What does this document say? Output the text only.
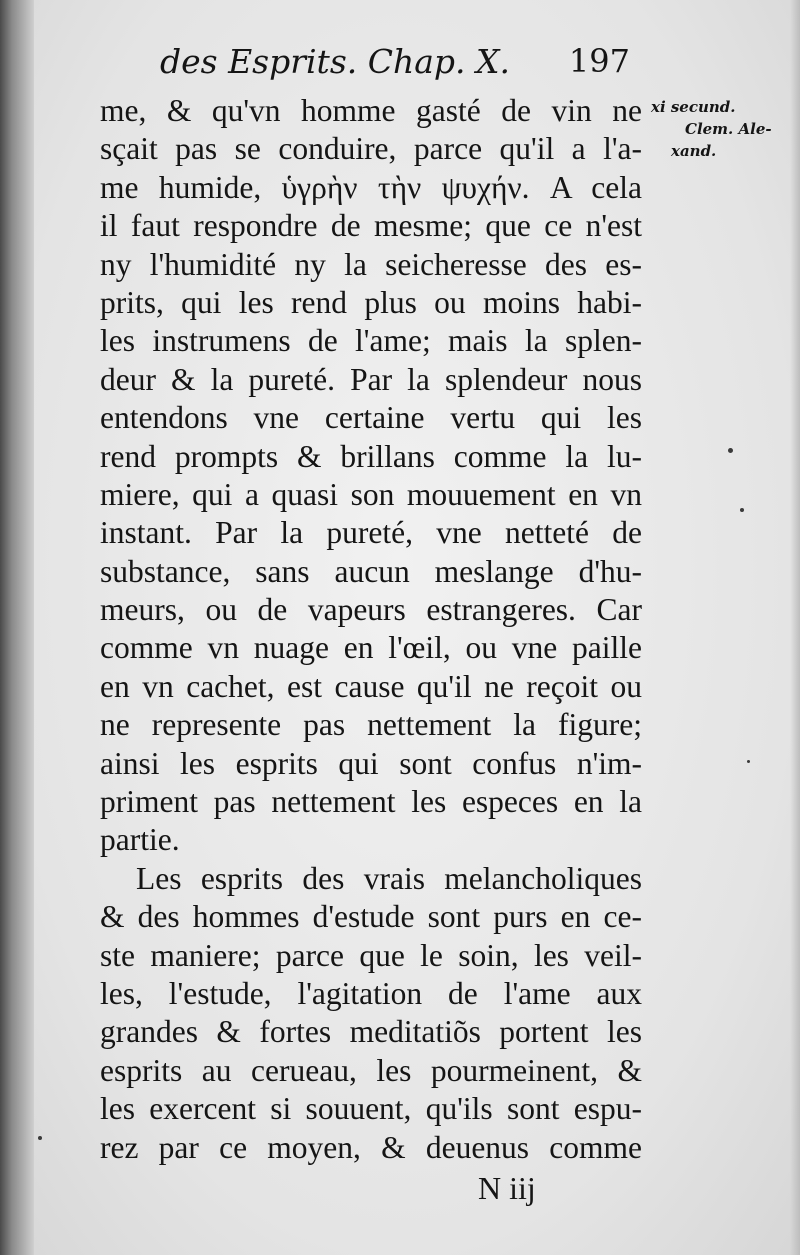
des Esprits. Chap. X. 197
xi secund.
Clem. Ale-
xand.
me, & qu'vn homme gasté de vin ne
sçait pas se conduire, parce qu'il a l'a-
me humide, ὑγρὴν τὴν ψυχήν. A cela
il faut respondre de mesme; que ce n'est
ny l'humidité ny la seicheresse des es-
prits, qui les rend plus ou moins habi-
les instrumens de l'ame; mais la splen-
deur & la pureté. Par la splendeur nous
entendons vne certaine vertu qui les
rend prompts & brillans comme la lu-
miere, qui a quasi son mouuement en vn
instant. Par la pureté, vne netteté de
substance, sans aucun meslange d'hu-
meurs, ou de vapeurs estrangeres. Car
comme vn nuage en l'œil, ou vne paille
en vn cachet, est cause qu'il ne reçoit ou
ne represente pas nettement la figure;
ainsi les esprits qui sont confus n'im-
priment pas nettement les especes en la
partie.
Les esprits des vrais melancholiques
& des hommes d'estude sont purs en ce-
ste maniere; parce que le soin, les veil-
les, l'estude, l'agitation de l'ame aux
grandes & fortes meditatiõs portent les
esprits au cerueau, les pourmeinent, &
les exercent si souuent, qu'ils sont espu-
rez par ce moyen, & deuenus comme
N iij
